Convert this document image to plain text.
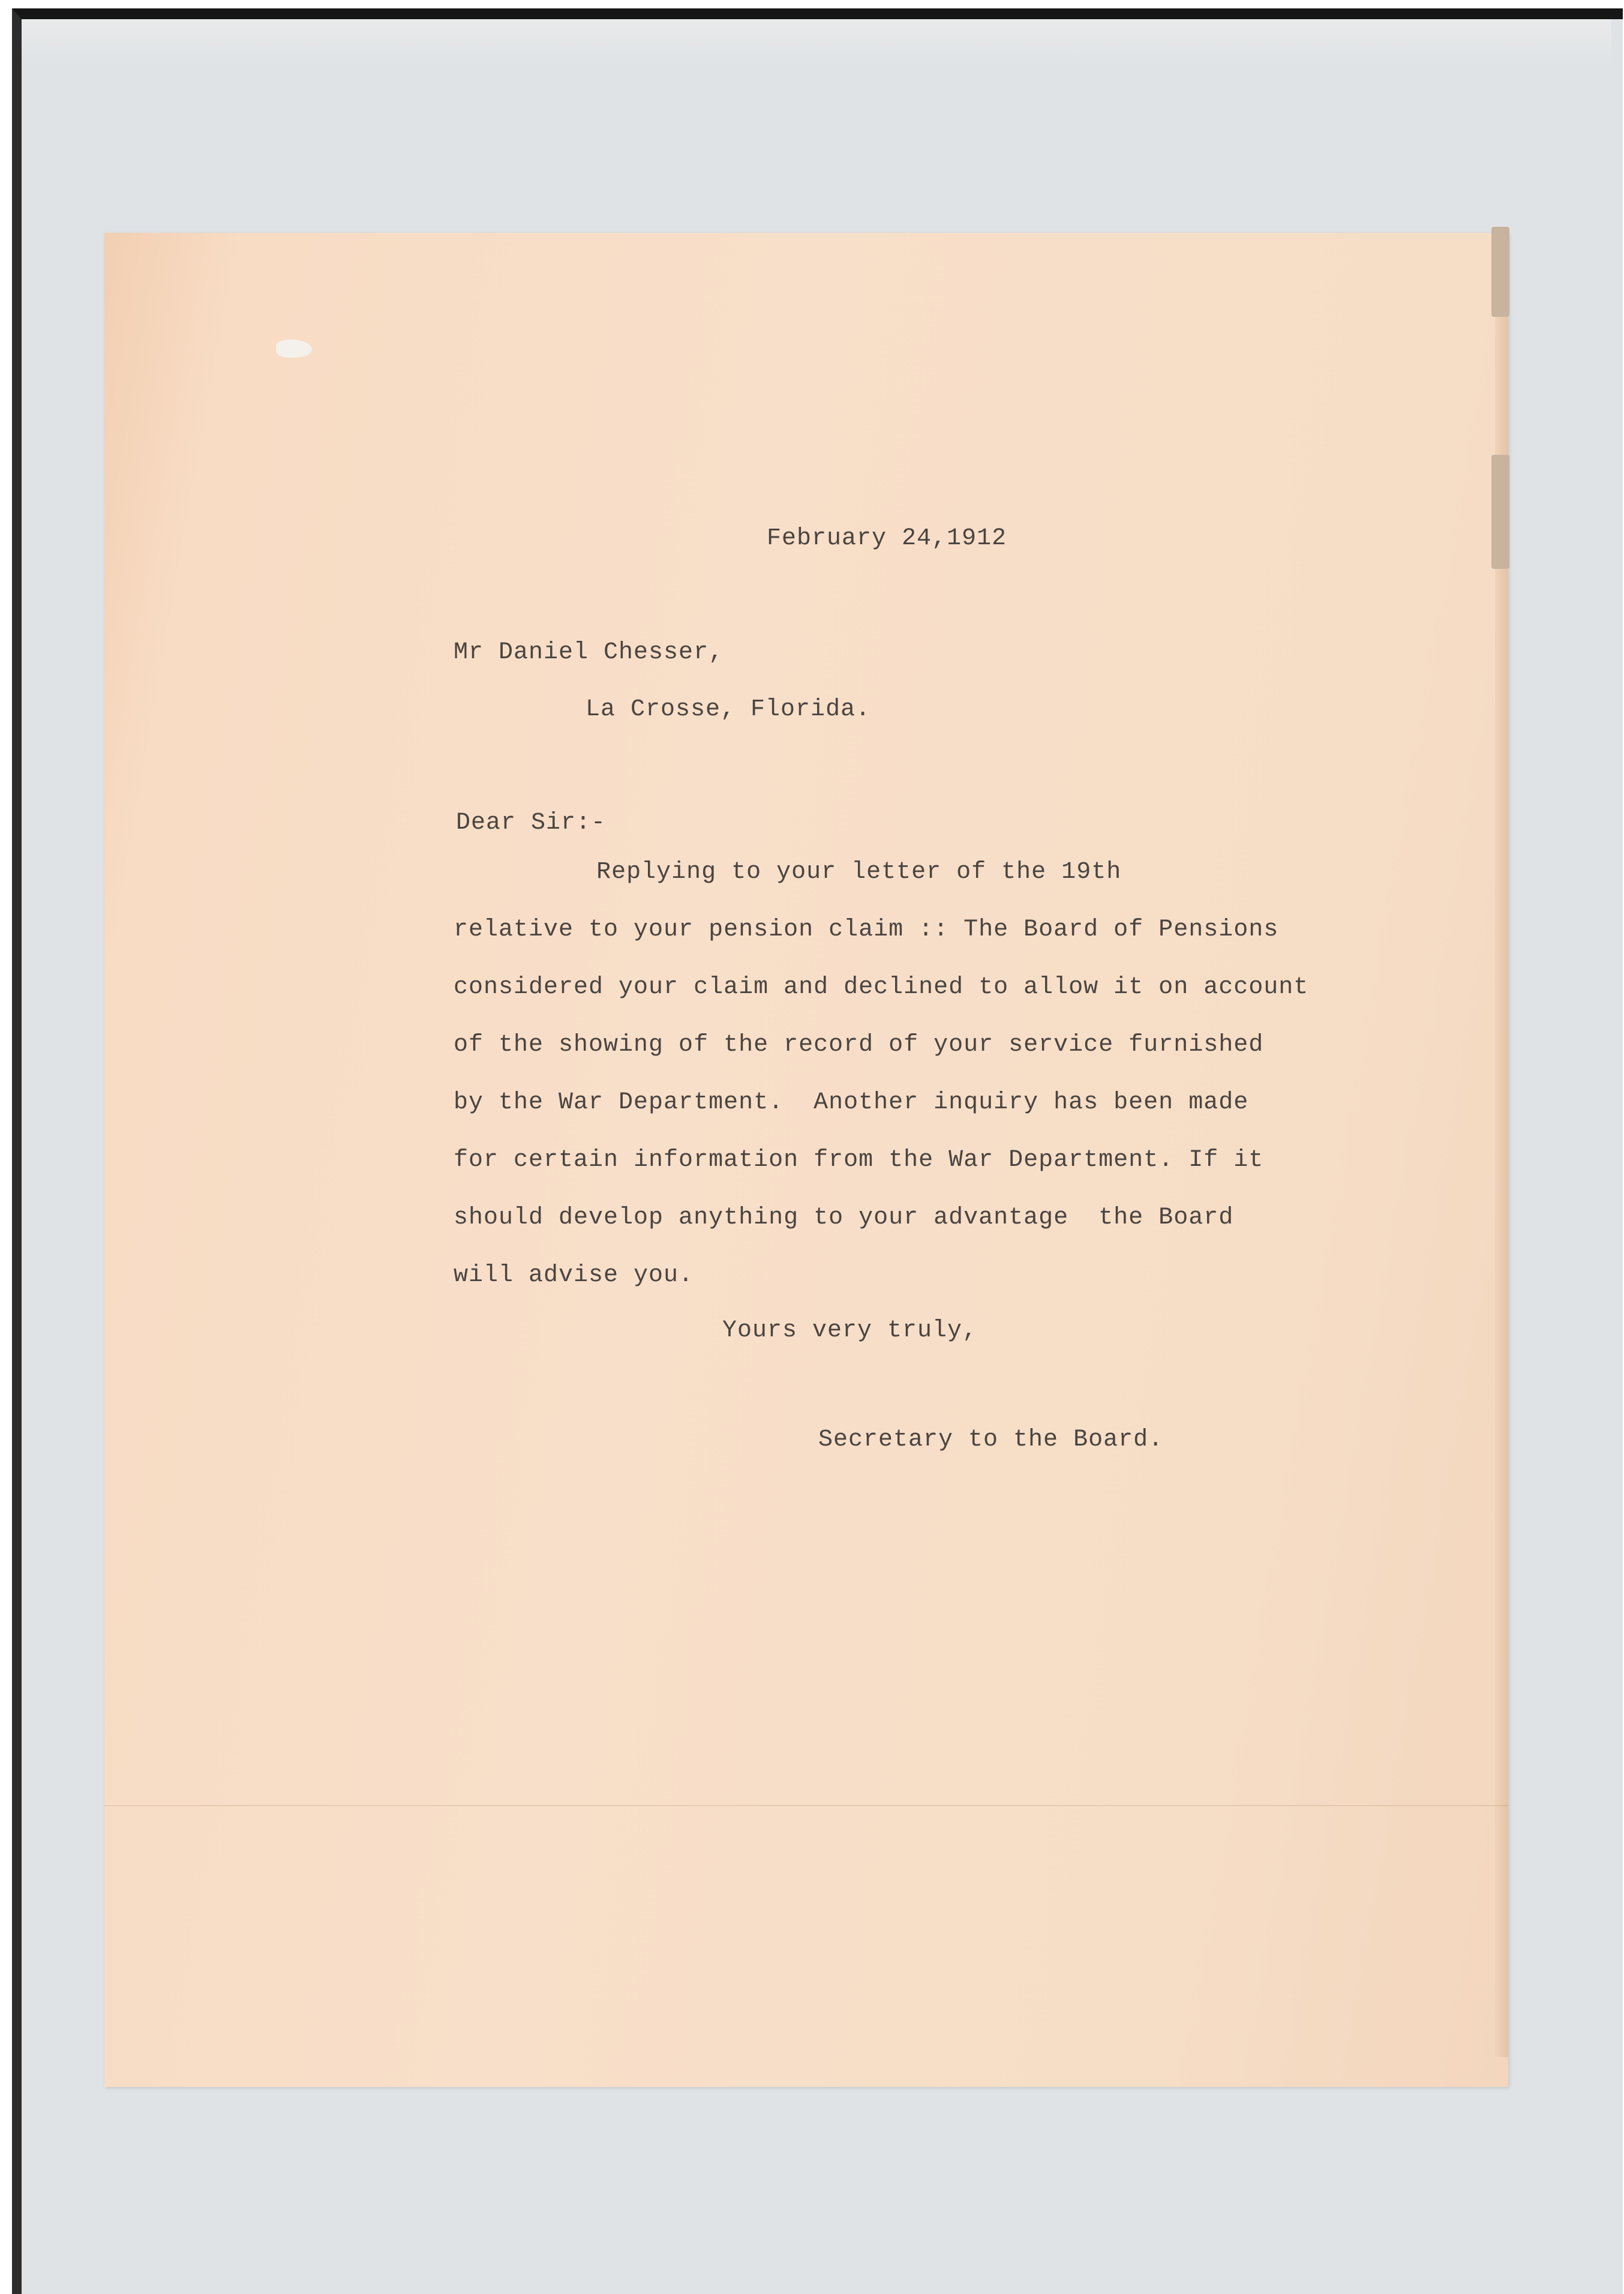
February 24,1912
Mr Daniel Chesser,
La Crosse, Florida.
Dear Sir:-
Replying to your letter of the 19th
relative to your pension claim :: The Board of Pensions
considered your claim and declined to allow it on account
of the showing of the record of your service furnished
by the War Department.  Another inquiry has been made
for certain information from the War Department. If it
should develop anything to your advantage  the Board
will advise you.
Yours very truly,
Secretary to the Board.
